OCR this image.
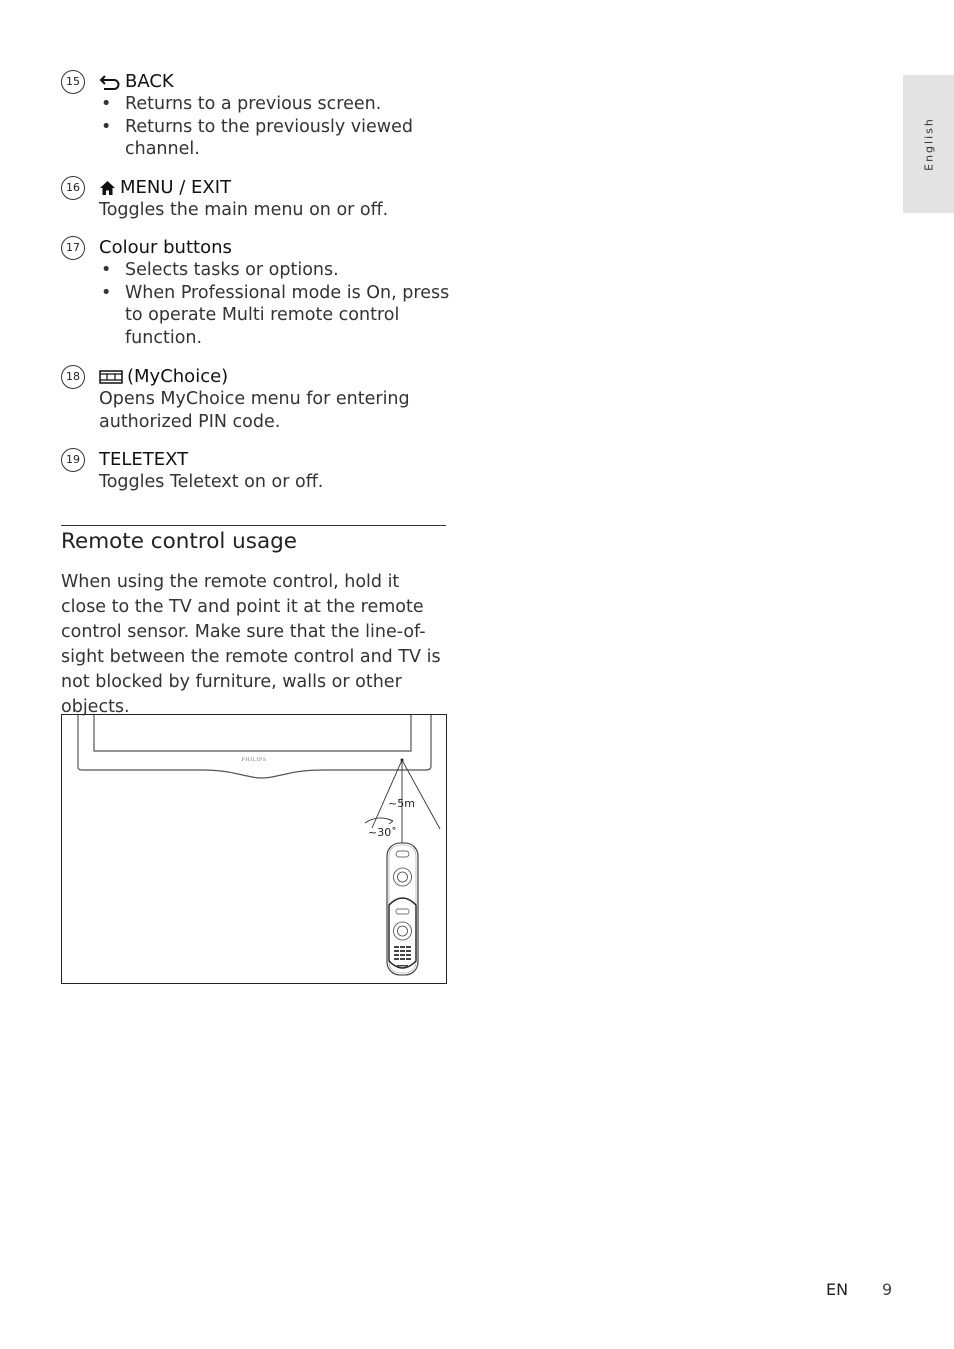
English
15	BACK
• Returns to a previous screen.
• Returns to the previously viewed channel.
16 MENU / EXIT
Toggles the main menu on or off.
17 Colour buttons
• Selects tasks or options.
• When Professional mode is On, press to operate Multi remote control function.
18	(MyChoice)
Opens MyChoice menu for entering authorized PIN code.
19 TELETEXT
Toggles Teletext on or off.
Remote control usage
When using the remote control, hold it close to the TV and point it at the remote control sensor. Make sure that the line-of-sight between the remote control and TV is not blocked by furniture, walls or other objects.
PHILIPS
~5m
~30˚
EN 9
